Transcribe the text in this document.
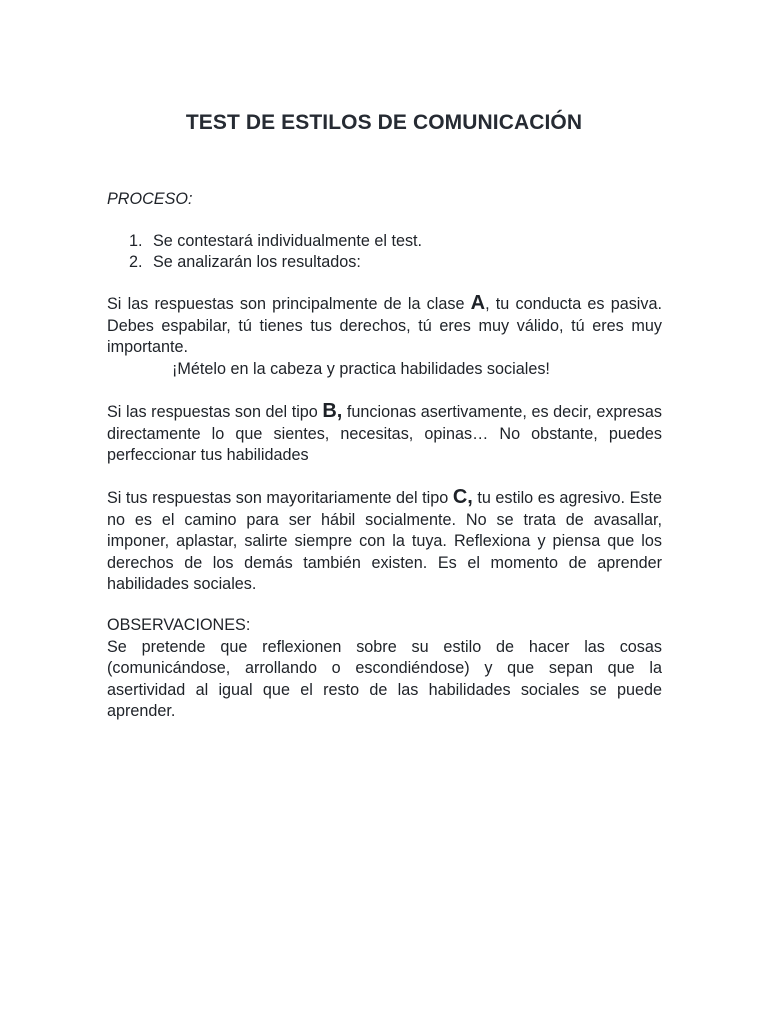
TEST DE ESTILOS DE COMUNICACIÓN
PROCESO:
1. Se contestará individualmente el test.
2. Se analizarán los resultados:
Si las respuestas son principalmente de la clase A, tu conducta es pasiva. Debes espabilar, tú tienes tus derechos, tú eres muy válido, tú eres muy importante.
¡Mételo en la cabeza y practica habilidades sociales!
Si las respuestas son del tipo B, funcionas asertivamente, es decir, expresas directamente lo que sientes, necesitas, opinas… No obstante, puedes perfeccionar tus habilidades
Si tus respuestas son mayoritariamente del tipo C, tu estilo es agresivo. Este no es el camino para ser hábil socialmente. No se trata de avasallar, imponer, aplastar, salirte siempre con la tuya. Reflexiona y piensa que los derechos de los demás también existen. Es el momento de aprender habilidades sociales.
OBSERVACIONES:
Se pretende que reflexionen sobre su estilo de hacer las cosas (comunicándose, arrollando o escondiéndose) y que sepan que la asertividad al igual que el resto de las habilidades sociales se puede aprender.
